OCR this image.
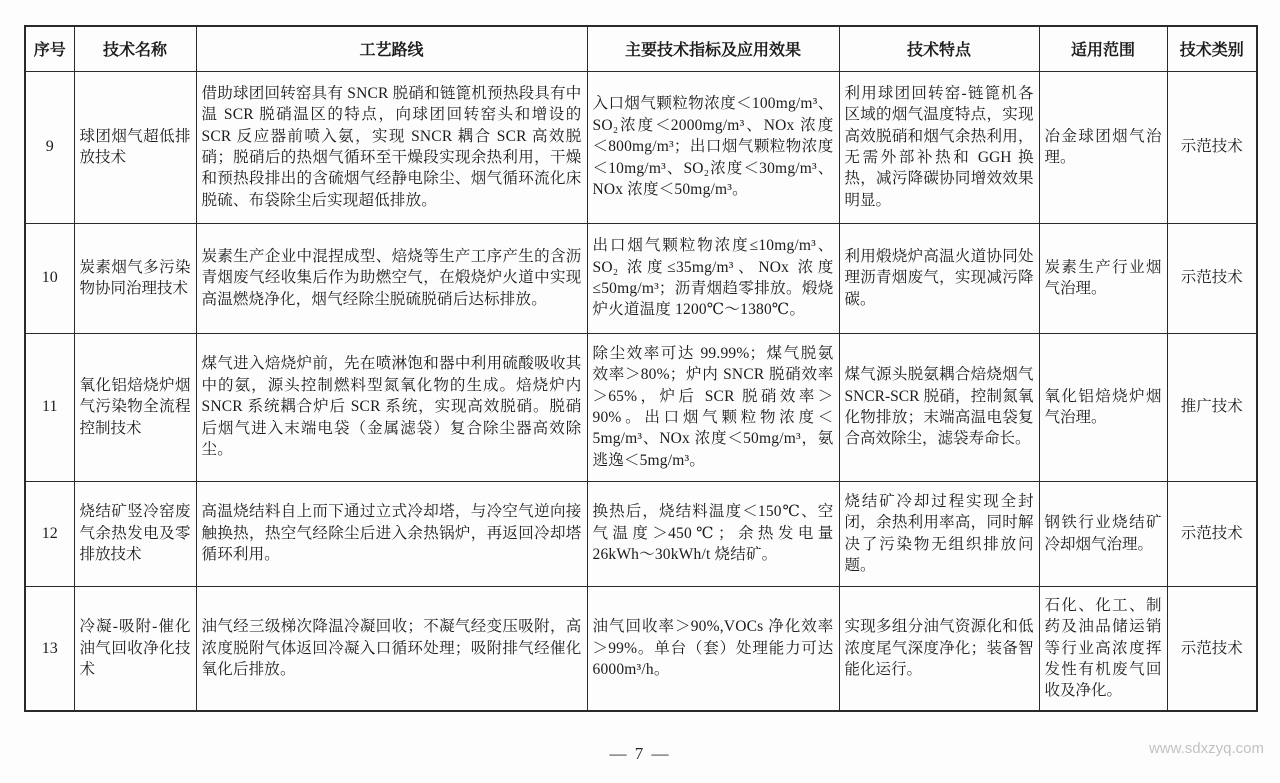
序号	技术名称	工艺路线	主要技术指标及应用效果	技术特点	适用范围	技术类别
9	球团烟气超低排放技术	借助球团回转窑具有 SNCR 脱硝和链篦机预热段具有中温 SCR 脱硝温区的特点，向球团回转窑头和增设的 SCR 反应器前喷入氨，实现 SNCR 耦合 SCR 高效脱硝；脱硝后的热烟气循环至干燥段实现余热利用，干燥和预热段排出的含硫烟气经静电除尘、烟气循环流化床脱硫、布袋除尘后实现超低排放。	入口烟气颗粒物浓度＜100mg/m³、SO₂浓度＜2000mg/m³、NOx 浓度＜800mg/m³；出口烟气颗粒物浓度＜10mg/m³、SO₂浓度＜30mg/m³、NOx 浓度＜50mg/m³。	利用球团回转窑-链篦机各区域的烟气温度特点，实现高效脱硝和烟气余热利用，无需外部补热和 GGH 换热，减污降碳协同增效效果明显。	冶金球团烟气治理。	示范技术
10	炭素烟气多污染物协同治理技术	炭素生产企业中混捏成型、焙烧等生产工序产生的含沥青烟废气经收集后作为助燃空气，在煅烧炉火道中实现高温燃烧净化，烟气经除尘脱硫脱硝后达标排放。	出口烟气颗粒物浓度≤10mg/m³、SO₂ 浓度≤35mg/m³、NOx 浓度≤50mg/m³；沥青烟趋零排放。煅烧炉火道温度 1200℃～1380℃。	利用煅烧炉高温火道协同处理沥青烟废气，实现减污降碳。	炭素生产行业烟气治理。	示范技术
11	氧化铝焙烧炉烟气污染物全流程控制技术	煤气进入焙烧炉前，先在喷淋饱和器中利用硫酸吸收其中的氨，源头控制燃料型氮氧化物的生成。焙烧炉内 SNCR 系统耦合炉后 SCR 系统，实现高效脱硝。脱硝后烟气进入末端电袋（金属滤袋）复合除尘器高效除尘。	除尘效率可达 99.99%；煤气脱氨效率＞80%；炉内 SNCR 脱硝效率＞65%，炉后 SCR 脱硝效率＞90%。出口烟气颗粒物浓度＜5mg/m³、NOx 浓度＜50mg/m³，氨逃逸＜5mg/m³。	煤气源头脱氨耦合焙烧烟气 SNCR-SCR 脱硝，控制氮氧化物排放；末端高温电袋复合高效除尘，滤袋寿命长。	氧化铝焙烧炉烟气治理。	推广技术
12	烧结矿竖冷窑废气余热发电及零排放技术	高温烧结料自上而下通过立式冷却塔，与冷空气逆向接触换热，热空气经除尘后进入余热锅炉，再返回冷却塔循环利用。	换热后，烧结料温度＜150℃、空气温度＞450℃；余热发电量 26kWh～30kWh/t 烧结矿。	烧结矿冷却过程实现全封闭，余热利用率高，同时解决了污染物无组织排放问题。	钢铁行业烧结矿冷却烟气治理。	示范技术
13	冷凝-吸附-催化油气回收净化技术	油气经三级梯次降温冷凝回收；不凝气经变压吸附，高浓度脱附气体返回冷凝入口循环处理；吸附排气经催化氧化后排放。	油气回收率＞90%,VOCs 净化效率＞99%。单台（套）处理能力可达 6000m³/h。	实现多组分油气资源化和低浓度尾气深度净化；装备智能化运行。	石化、化工、制药及油品储运销等行业高浓度挥发性有机废气回收及净化。	示范技术
— 7 —	www.sdxzyq.com
